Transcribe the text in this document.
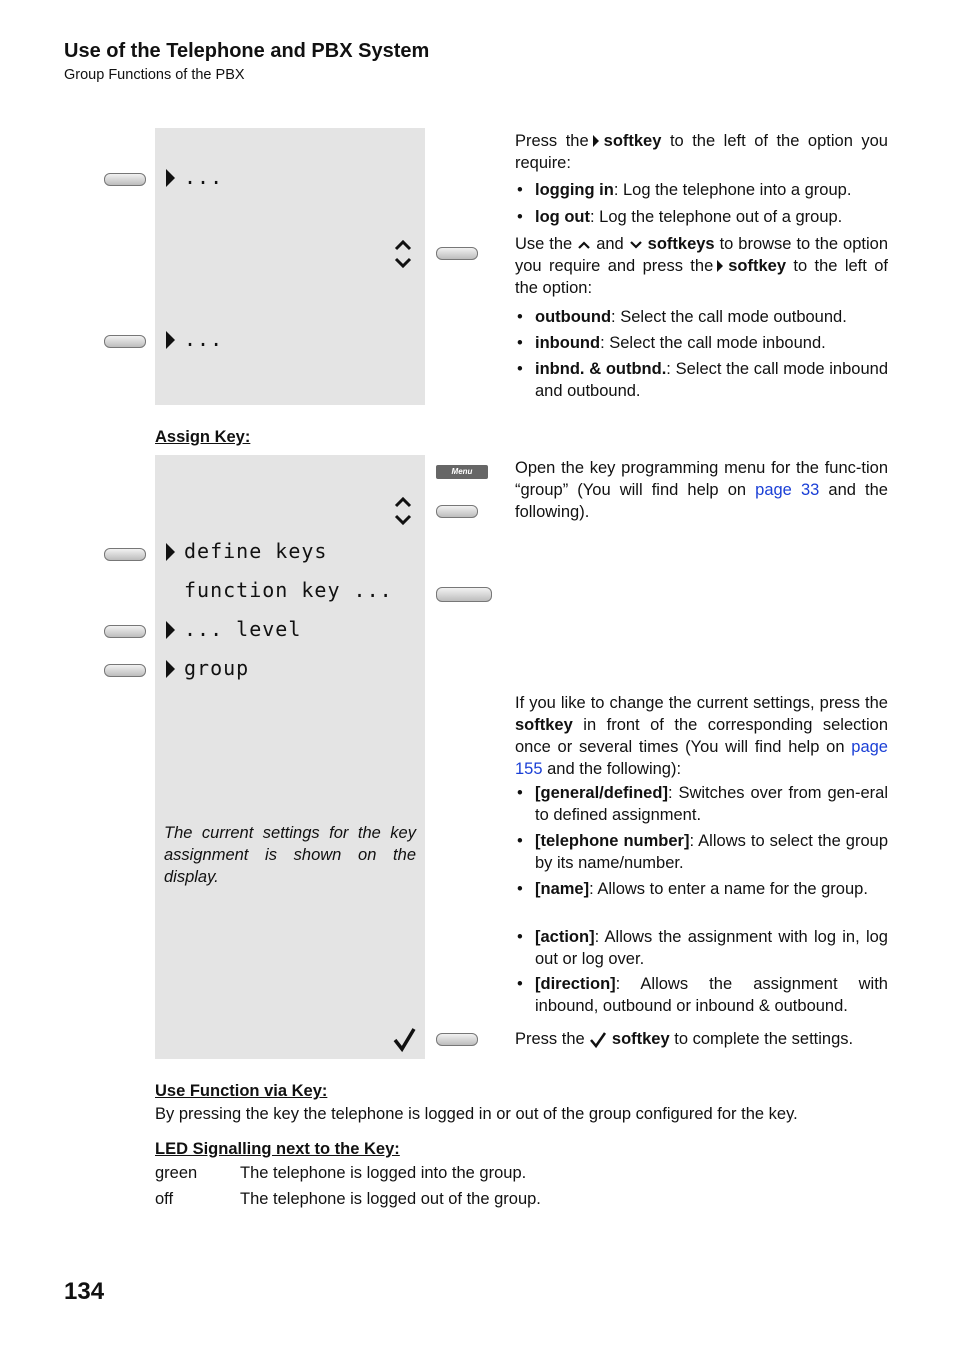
Use of the Telephone and PBX System
Group Functions of the PBX
...
...
Press the softkey to the left of the option you require:
• logging in: Log the telephone into a group.
• log out: Log the telephone out of a group.
Use the and softkeys to browse to the option you require and press the softkey to the left of the option:
• outbound: Select the call mode outbound.
• inbound: Select the call mode inbound.
• inbnd. & outbnd.: Select the call mode inbound and outbound.
Assign Key:
Menu
define keys
function key ...
... level
group
Open the key programming menu for the func-tion “group” (You will find help on page 33 and the following).
If you like to change the current settings, press the softkey in front of the corresponding selection once or several times (You will find help on page 155 and the following):
• [general/defined]: Switches over from gen-eral to defined assignment.
• [telephone number]: Allows to select the group by its name/number.
• [name]: Allows to enter a name for the group.
• [action]: Allows the assignment with log in, log out or log over.
• [direction]: Allows the assignment with inbound, outbound or inbound & outbound.
The current settings for the key assignment is shown on the display.
Press the softkey to complete the settings.
Use Function via Key:
By pressing the key the telephone is logged in or out of the group configured for the key.
LED Signalling next to the Key:
green	The telephone is logged into the group.
off	The telephone is logged out of the group.
134
